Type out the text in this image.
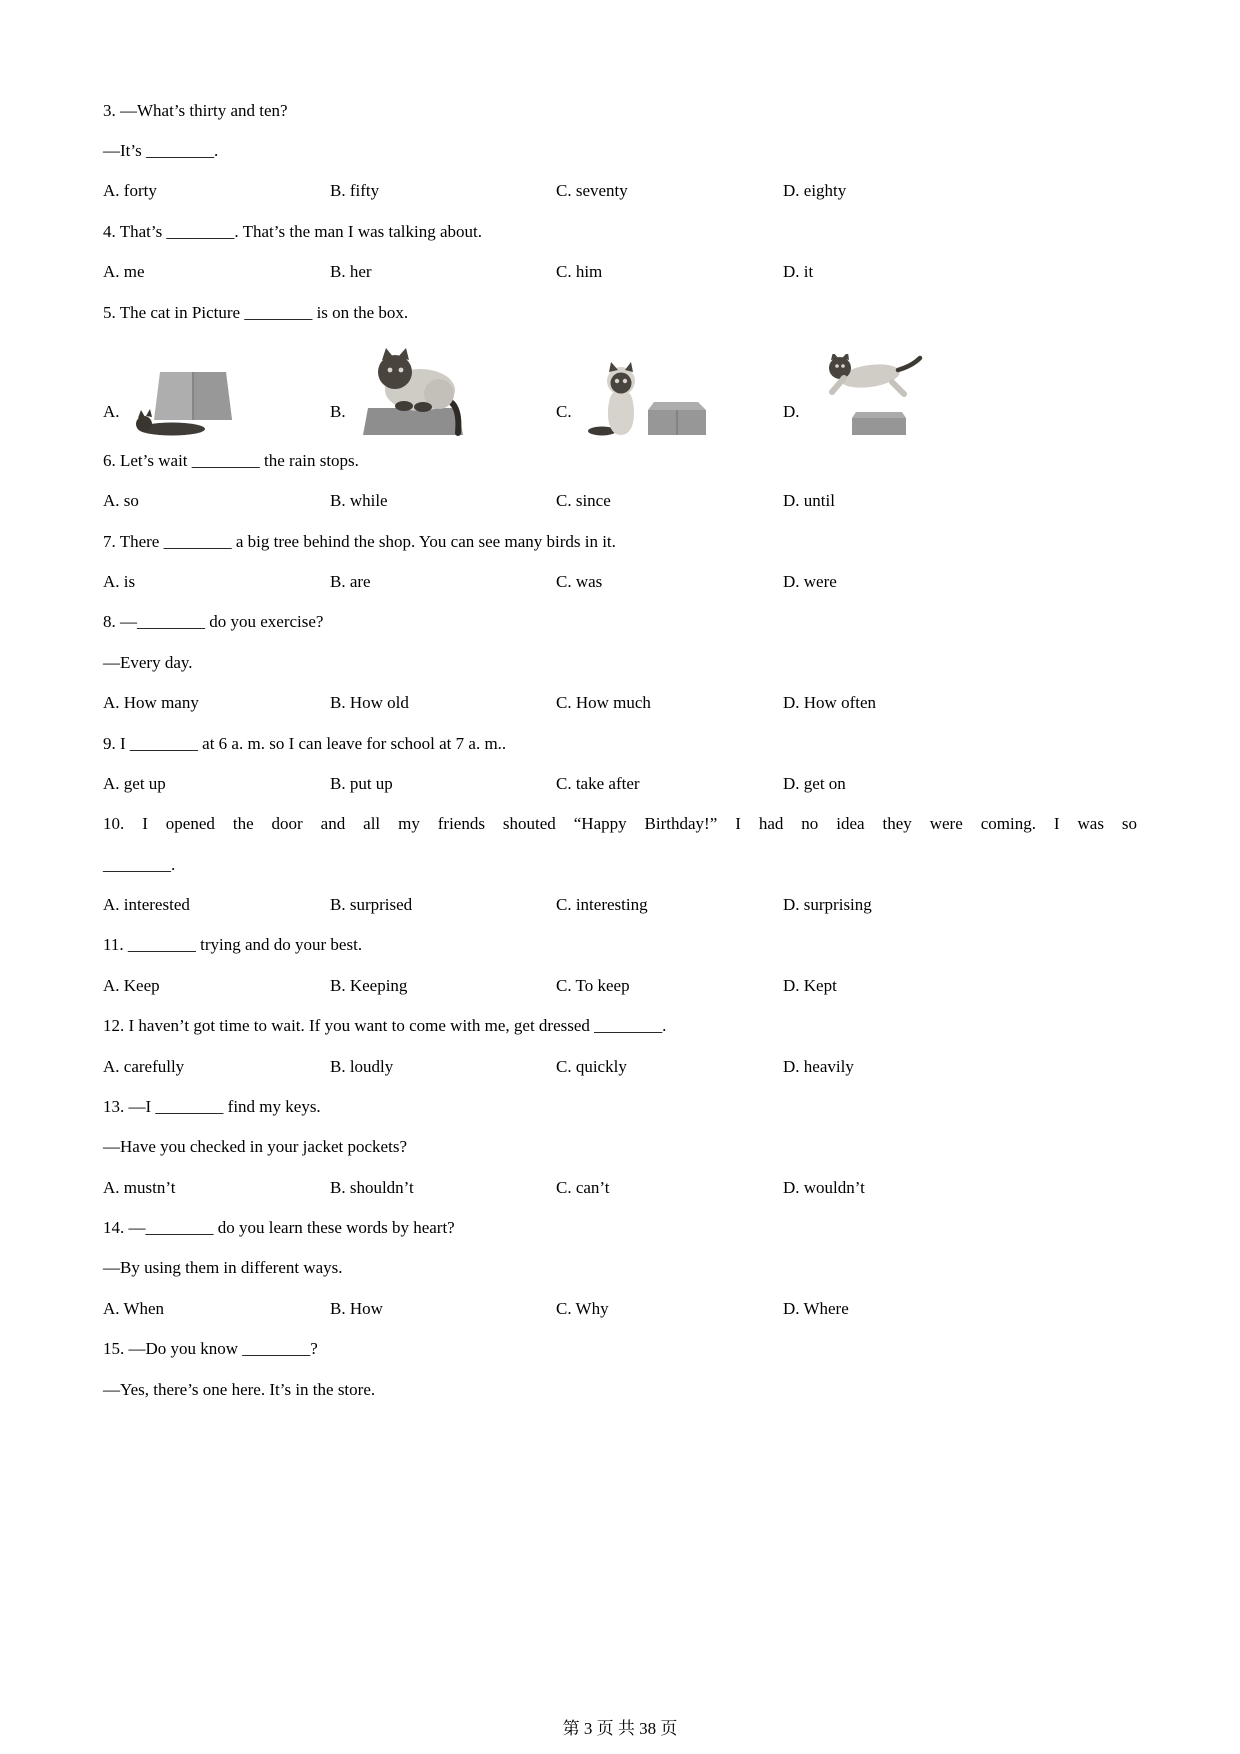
3. —What’s thirty and ten?

—It’s ________.

A. forty	B. fifty	C. seventy	D. eighty

4. That’s ________. That’s the man I was talking about.

A. me	B. her	C. him	D. it

5. The cat in Picture ________ is on the box.

A.	B.	C.	D.

6. Let’s wait ________ the rain stops.

A. so	B. while	C. since	D. until

7. There ________ a big tree behind the shop. You can see many birds in it.

A. is	B. are	C. was	D. were

8. —________ do you exercise?

—Every day.

A. How many	B. How old	C. How much	D. How often

9. I ________ at 6 a. m. so I can leave for school at 7 a. m..

A. get up	B. put up	C. take after	D. get on

10. I opened the door and all my friends shouted “Happy Birthday!” I had no idea they were coming. I was so

________.

A. interested	B. surprised	C. interesting	D. surprising

11. ________ trying and do your best.

A. Keep	B. Keeping	C. To keep	D. Kept

12. I haven’t got time to wait. If you want to come with me, get dressed ________.

A. carefully	B. loudly	C. quickly	D. heavily

13. —I ________ find my keys.

—Have you checked in your jacket pockets?

A. mustn’t	B. shouldn’t	C. can’t	D. wouldn’t

14. —________ do you learn these words by heart?

—By using them in different ways.

A. When	B. How	C. Why	D. Where

15. —Do you know ________?

—Yes, there’s one here. It’s in the store.

第 3 页 共 38 页
